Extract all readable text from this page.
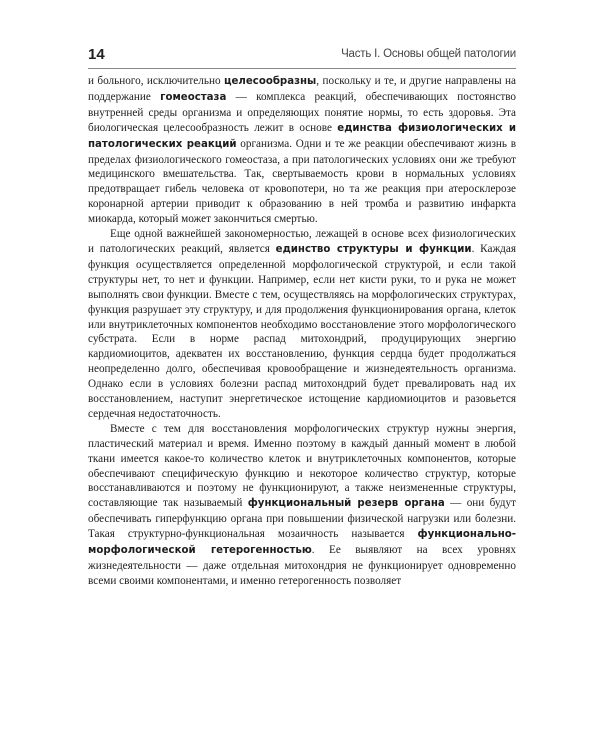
14	Часть I. Основы общей патологии

и больного, исключительно целесообразны, поскольку и те, и другие направлены на поддержание гомеостаза — комплекса реакций, обеспечивающих постоянство внутренней среды организма и определяющих понятие нормы, то есть здоровья. Эта биологическая целесообразность лежит в основе единства физиологических и патологических реакций организма. Одни и те же реакции обеспечивают жизнь в пределах физиологического гомеостаза, а при патологических условиях они же требуют медицинского вмешательства. Так, свертываемость крови в нормальных условиях предотвращает гибель человека от кровопотери, но та же реакция при атеросклерозе коронарной артерии приводит к образованию в ней тромба и развитию инфаркта миокарда, который может закончиться смертью.

Еще одной важнейшей закономерностью, лежащей в основе всех физиологических и патологических реакций, является единство структуры и функции. Каждая функция осуществляется определенной морфологической структурой, и если такой структуры нет, то нет и функции. Например, если нет кисти руки, то и рука не может выполнять свои функции. Вместе с тем, осуществляясь на морфологических структурах, функция разрушает эту структуру, и для продолжения функционирования органа, клеток или внутриклеточных компонентов необходимо восстановление этого морфологического субстрата. Если в норме распад митохондрий, продуцирующих энергию кардиомиоцитов, адекватен их восстановлению, функция сердца будет продолжаться неопределенно долго, обеспечивая кровообращение и жизнедеятельность организма. Однако если в условиях болезни распад митохондрий будет превалировать над их восстановлением, наступит энергетическое истощение кардиомиоцитов и разовьется сердечная недостаточность.

Вместе с тем для восстановления морфологических структур нужны энергия, пластический материал и время. Именно поэтому в каждый данный момент в любой ткани имеется какое-то количество клеток и внутриклеточных компонентов, которые обеспечивают специфическую функцию и некоторое количество структур, которые восстанавливаются и поэтому не функционируют, а также неизмененные структуры, составляющие так называемый функциональный резерв органа — они будут обеспечивать гиперфункцию органа при повышении физической нагрузки или болезни. Такая структурно-функциональная мозаичность называется функционально-морфологической гетерогенностью. Ее выявляют на всех уровнях жизнедеятельности — даже отдельная митохондрия не функционирует одновременно всеми своими компонентами, и именно гетерогенность позволяет
